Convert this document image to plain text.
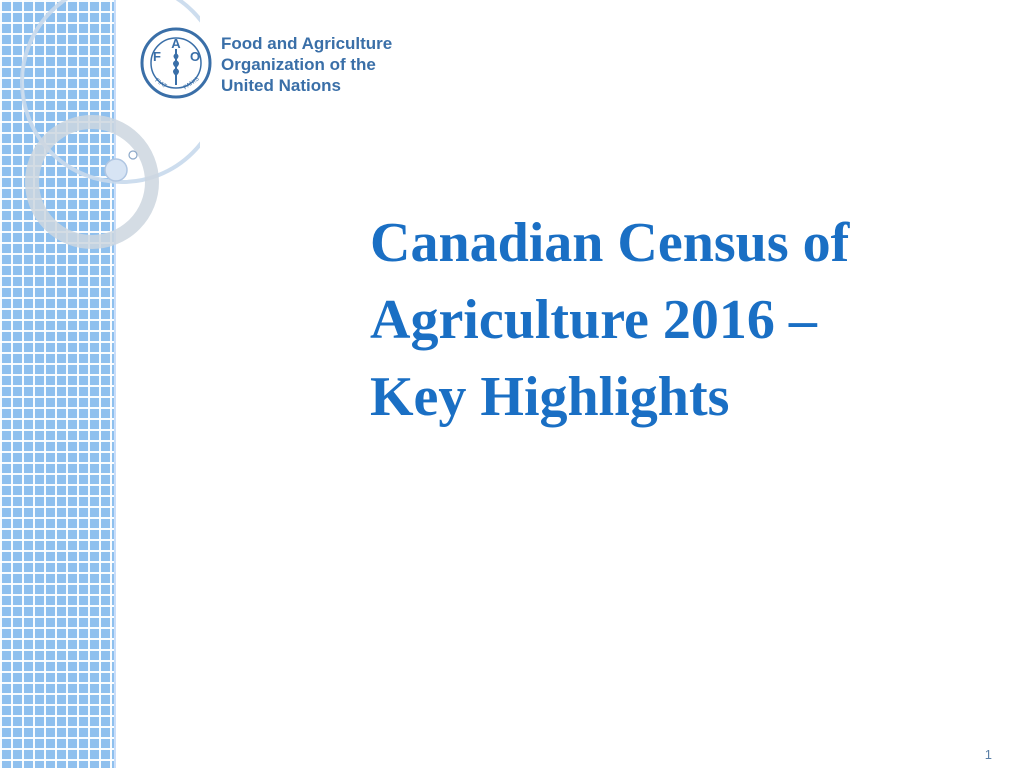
F
A
O
FIAT	PANIS
Food and Agriculture
Organization of the
United Nations
Canadian Census of
Agriculture 2016 –
Key Highlights
1
